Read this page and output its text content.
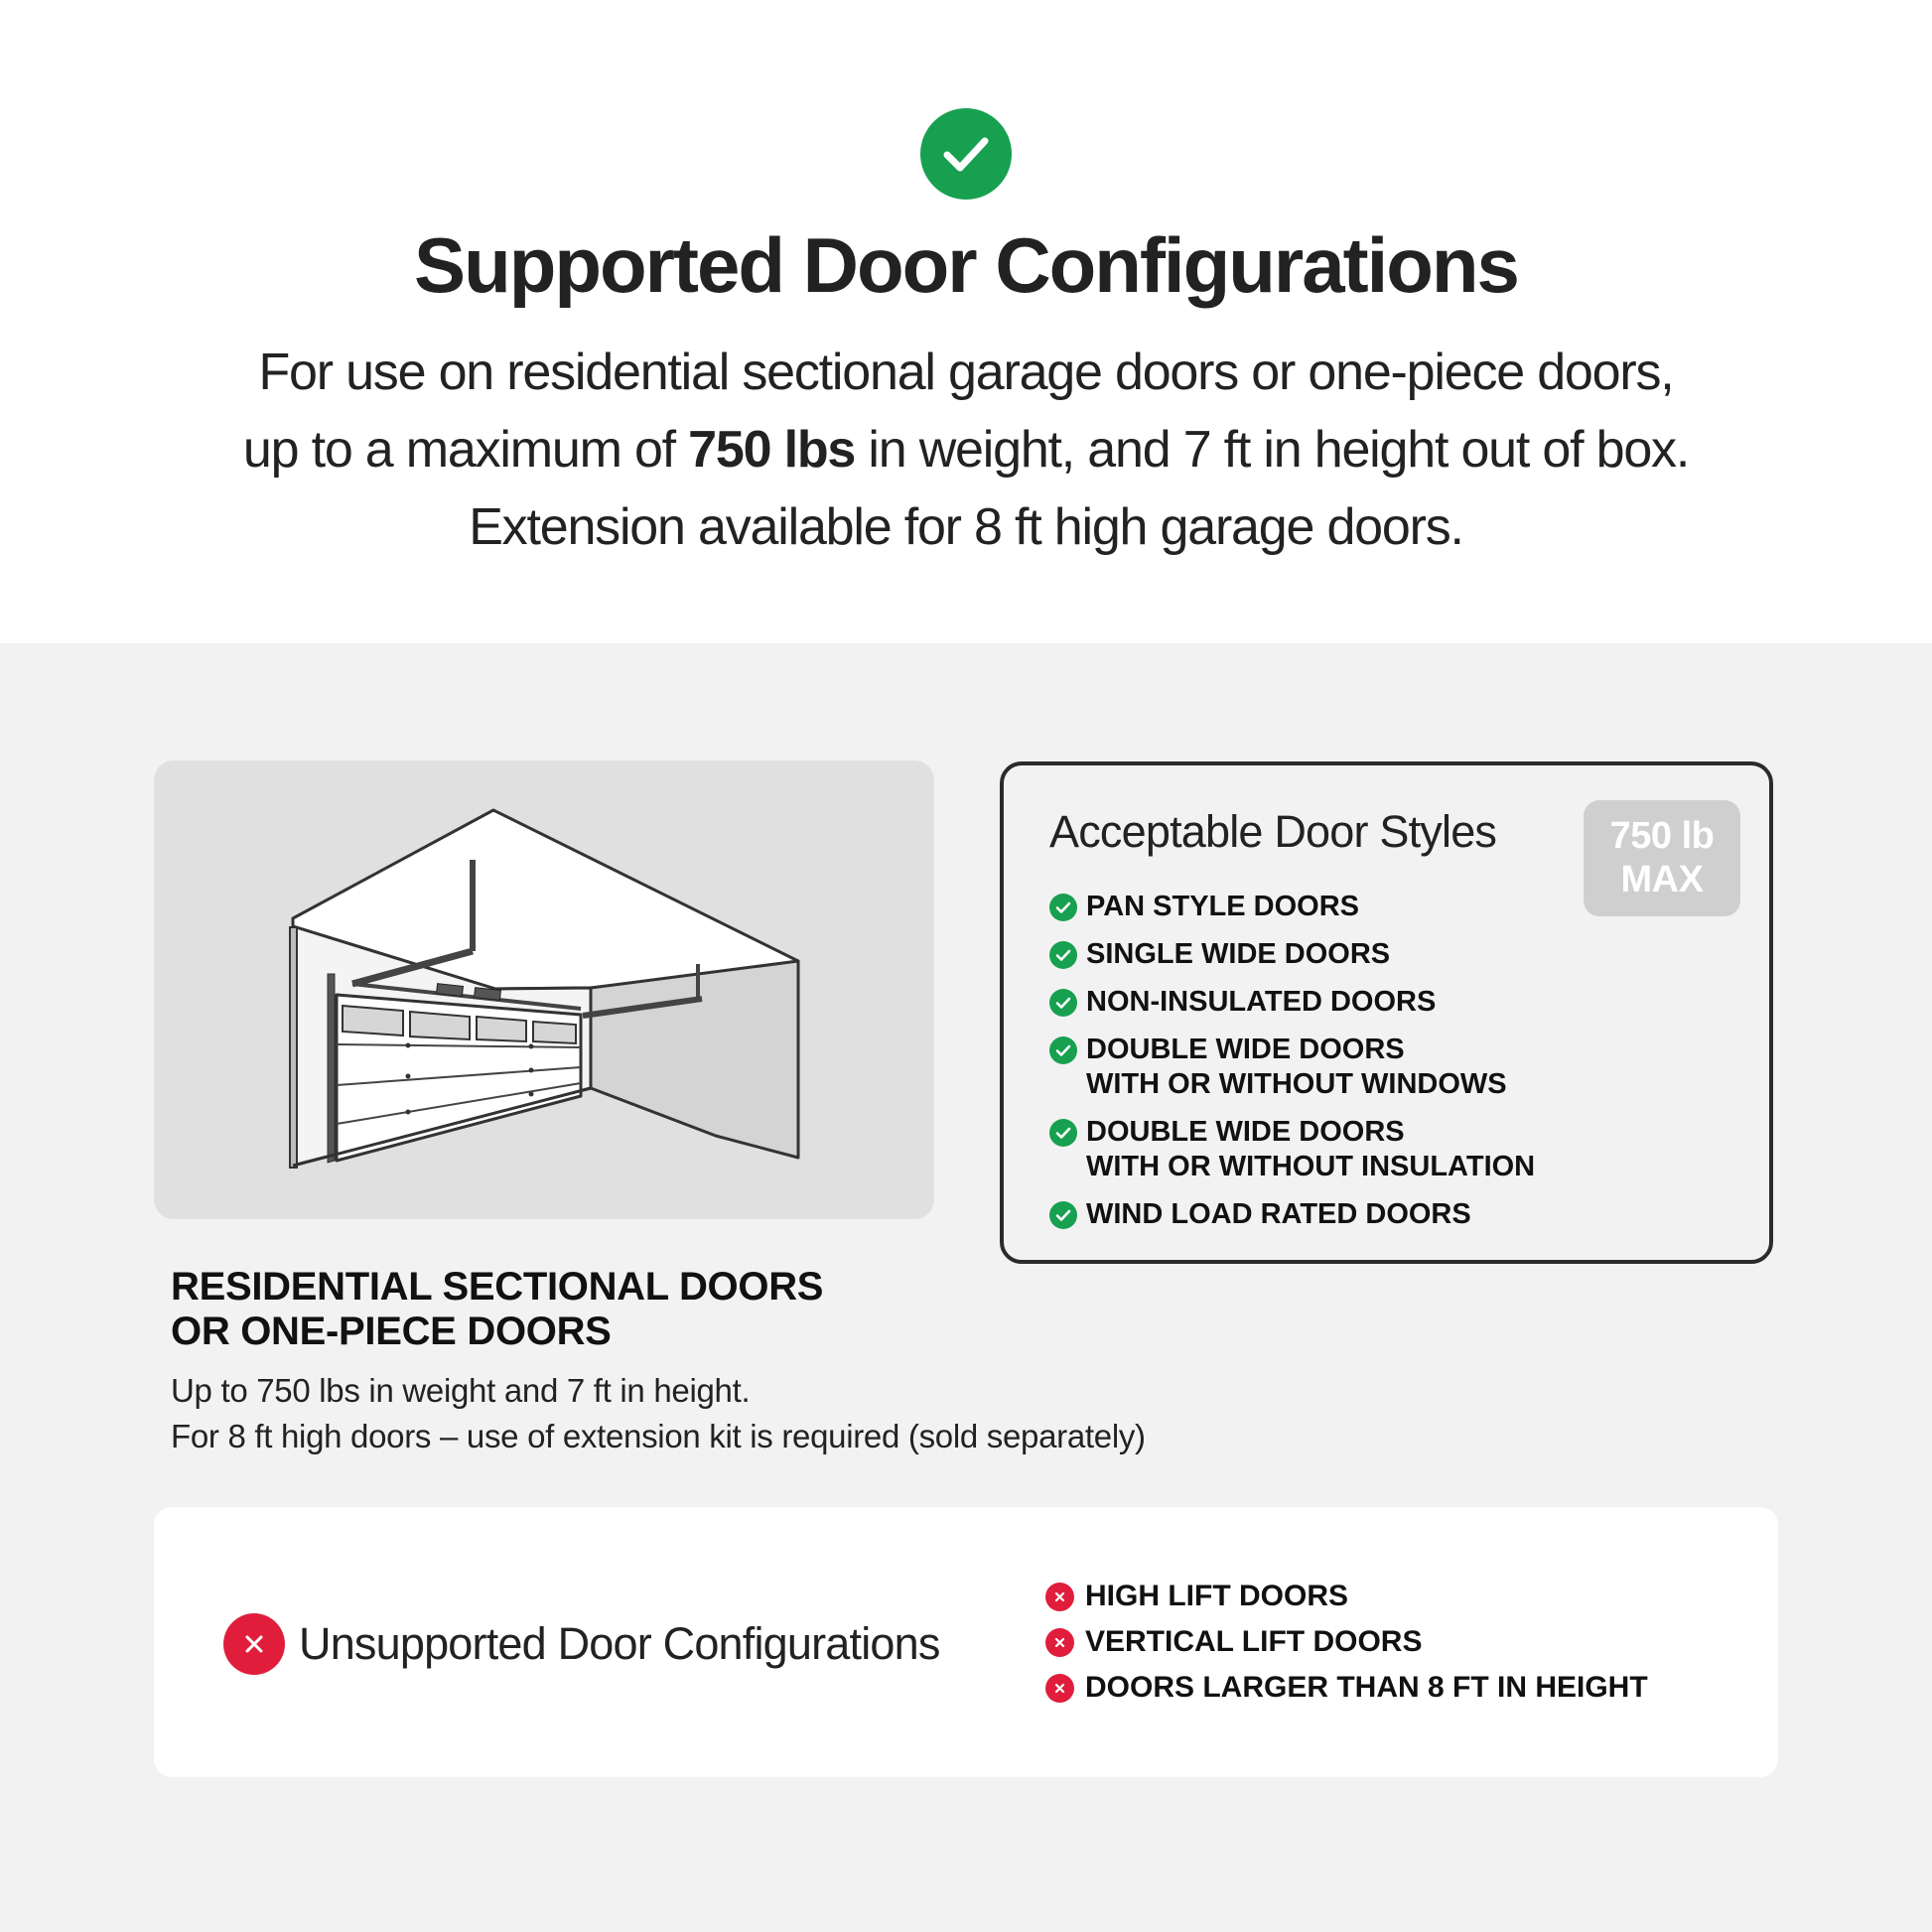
Supported Door Configurations
For use on residential sectional garage doors or one-piece doors,
up to a maximum of 750 lbs in weight, and 7 ft in height out of box.
Extension available for 8 ft high garage doors.
RESIDENTIAL SECTIONAL DOORS
OR ONE-PIECE DOORS
Up to 750 lbs in weight and 7 ft in height.
For 8 ft high doors – use of extension kit is required (sold separately)
Acceptable Door Styles	750 lb
MAX
PAN STYLE DOORS
SINGLE WIDE DOORS
NON-INSULATED DOORS
DOUBLE WIDE DOORS
WITH OR WITHOUT WINDOWS
DOUBLE WIDE DOORS
WITH OR WITHOUT INSULATION
WIND LOAD RATED DOORS
Unsupported Door Configurations
HIGH LIFT DOORS
VERTICAL LIFT DOORS
DOORS LARGER THAN 8 FT IN HEIGHT
